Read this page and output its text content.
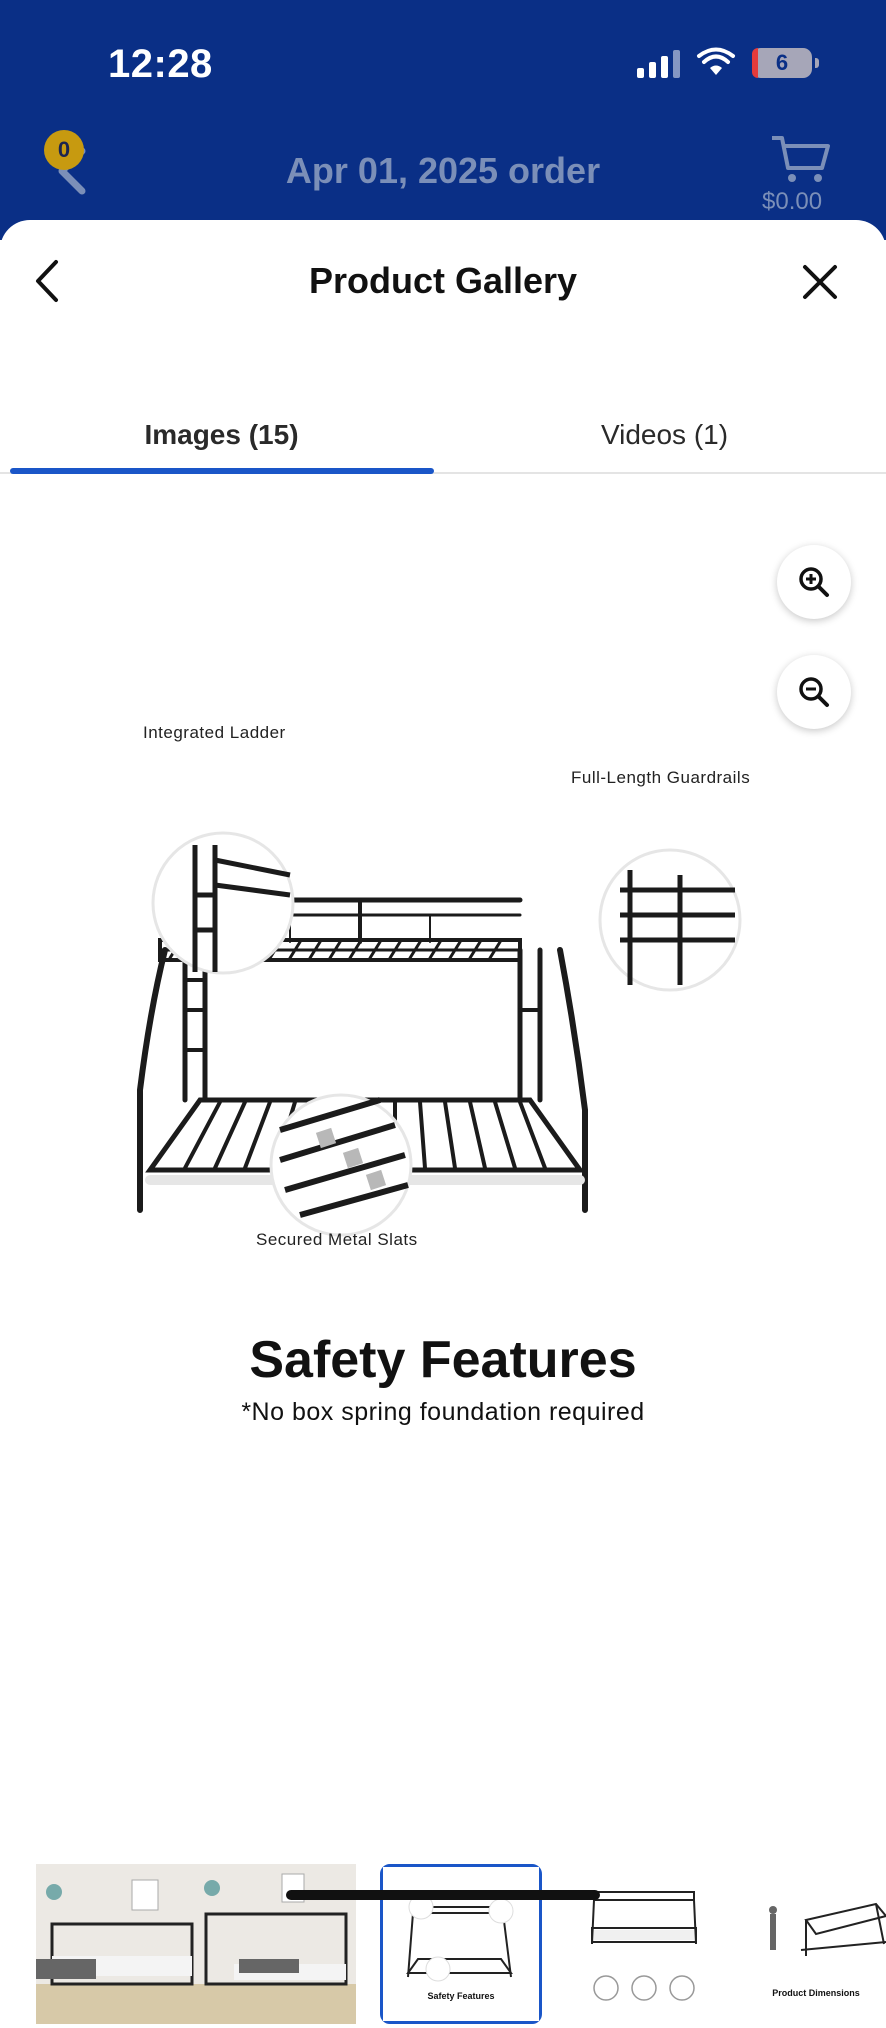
12:28	6
Apr 01, 2025 order
0
$0.00
Product Gallery
Images (15)	Videos (1)
Integrated Ladder
Full-Length Guardrails
Secured Metal Slats
Safety Features
*No box spring foundation required
Safety Features	Product Dimensions
